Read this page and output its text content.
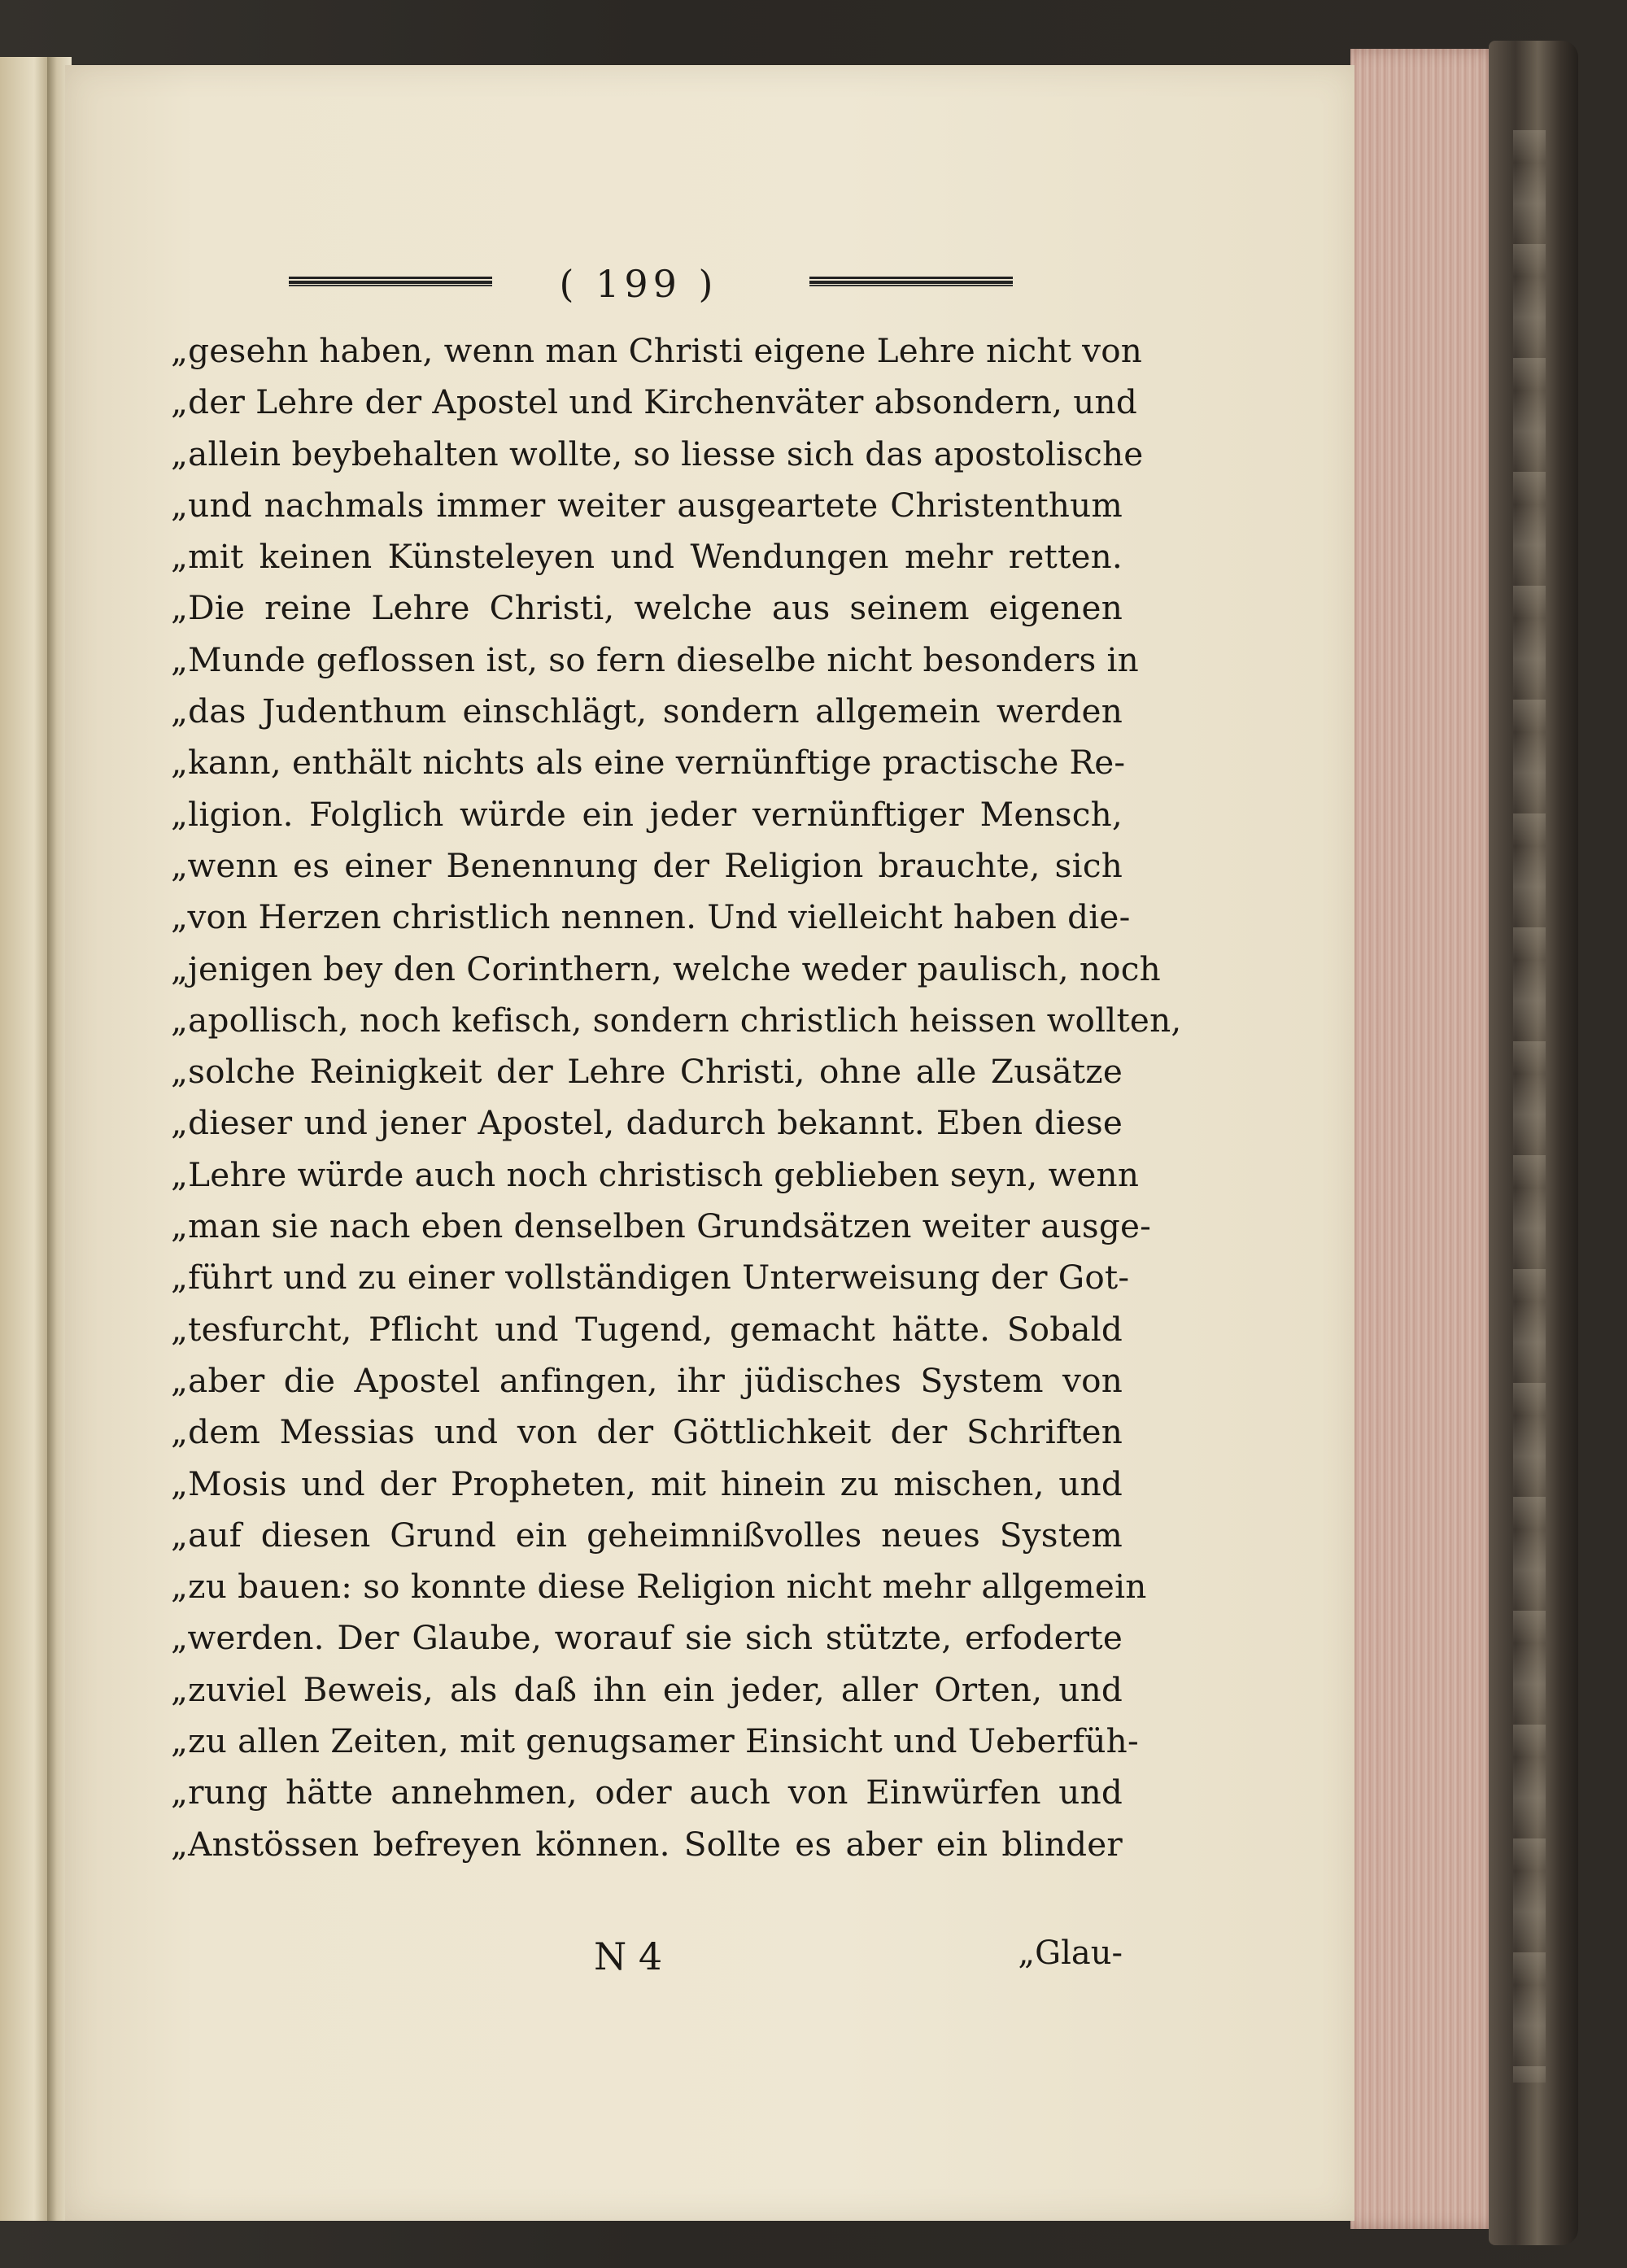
( 199 )
„gesehn haben, wenn man Christi eigene Lehre nicht von
„der Lehre der Apostel und Kirchenväter absondern, und
„allein beybehalten wollte, so liesse sich das apostolische
„und nachmals immer weiter ausgeartete Christenthum
„mit keinen Künsteleyen und Wendungen mehr retten.
„Die reine Lehre Christi, welche aus seinem eigenen
„Munde geflossen ist, so fern dieselbe nicht besonders in
„das Judenthum einschlägt, sondern allgemein werden
„kann, enthält nichts als eine vernünftige practische Re-
„ligion. Folglich würde ein jeder vernünftiger Mensch,
„wenn es einer Benennung der Religion brauchte, sich
„von Herzen christlich nennen. Und vielleicht haben die-
„jenigen bey den Corinthern, welche weder paulisch, noch
„apollisch, noch kefisch, sondern christlich heissen wollten,
„solche Reinigkeit der Lehre Christi, ohne alle Zusätze
„dieser und jener Apostel, dadurch bekannt. Eben diese
„Lehre würde auch noch christisch geblieben seyn, wenn
„man sie nach eben denselben Grundsätzen weiter ausge-
„führt und zu einer vollständigen Unterweisung der Got-
„tesfurcht, Pflicht und Tugend, gemacht hätte. Sobald
„aber die Apostel anfingen, ihr jüdisches System von
„dem Messias und von der Göttlichkeit der Schriften
„Mosis und der Propheten, mit hinein zu mischen, und
„auf diesen Grund ein geheimnißvolles neues System
„zu bauen: so konnte diese Religion nicht mehr allgemein
„werden. Der Glaube, worauf sie sich stützte, erfoderte
„zuviel Beweis, als daß ihn ein jeder, aller Orten, und
„zu allen Zeiten, mit genugsamer Einsicht und Ueberfüh-
„rung hätte annehmen, oder auch von Einwürfen und
„Anstössen befreyen können. Sollte es aber ein blinder
N 4	„Glau-
